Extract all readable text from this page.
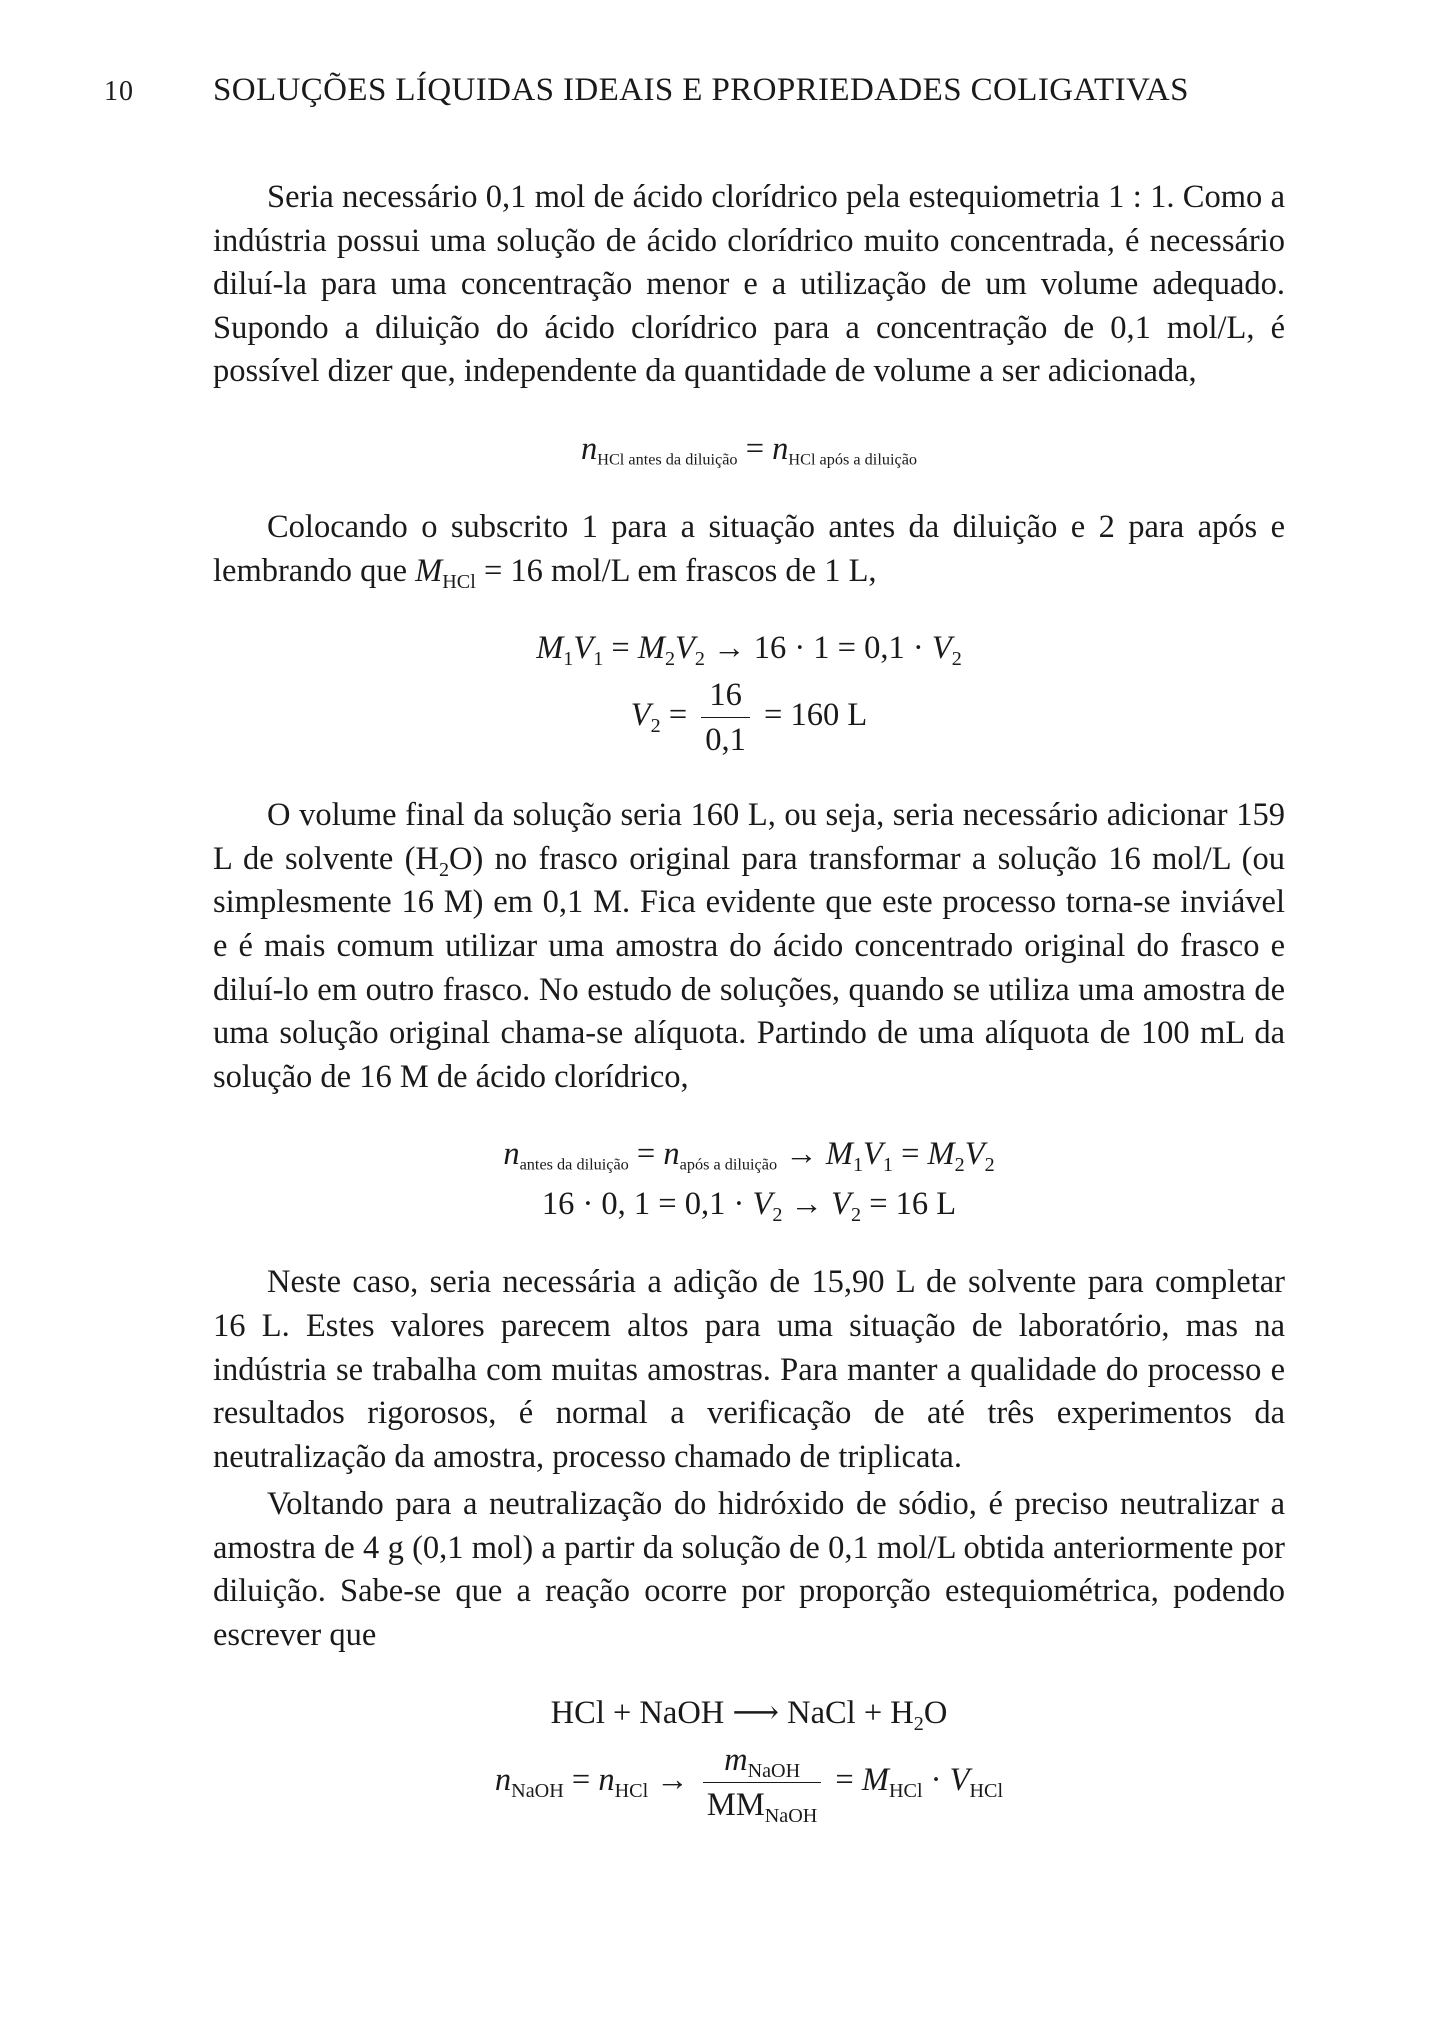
10 SOLUÇÕES LÍQUIDAS IDEAIS E PROPRIEDADES COLIGATIVAS

Seria necessário 0,1 mol de ácido clorídrico pela estequiometria 1 : 1. Como a indústria possui uma solução de ácido clorídrico muito concentrada, é necessário diluí-la para uma concentração menor e a utilização de um volume adequado. Supondo a diluição do ácido clorídrico para a concentração de 0,1 mol/L, é possível dizer que, independente da quantidade de volume a ser adicionada,

$n_{HCl antes da diluição} = n_{HCl após a diluição}$

Colocando o subscrito 1 para a situação antes da diluição e 2 para após e lembrando que $M_{HCl} = 16$ mol/L em frascos de 1 L,

$M_1V_1 = M_2V_2 \to 16 \cdot 1 = 0,1 \cdot V_2$
$V_2 = \frac{16}{0,1} = 160$ L

O volume final da solução seria 160 L, ou seja, seria necessário adicionar 159 L de solvente $(H_2O)$ no frasco original para transformar a solução 16 mol/L (ou simplesmente 16 M) em 0,1 M. Fica evidente que este processo torna-se inviável e é mais comum utilizar uma amostra do ácido concentrado original do frasco e diluí-lo em outro frasco. No estudo de soluções, quando se utiliza uma amostra de uma solução original chama-se alíquota. Partindo de uma alíquota de 100 mL da solução de 16 M de ácido clorídrico,

$n_{antes da diluição} = n_{após a diluição} \to M_1V_1 = M_2V_2$
16 · 0, $1 = 0,1 \cdot V_2 \to V_2 = 16$ L

Neste caso, seria necessária a adição de 15,90 L de solvente para completar 16 L. Estes valores parecem altos para uma situação de laboratório, mas na indústria se trabalha com muitas amostras. Para manter a qualidade do processo e resultados rigorosos, é normal a verificação de até três experimentos da neutralização da amostra, processo chamado de triplicata.

Voltando para a neutralização do hidróxido de sódio, é preciso neutralizar a amostra de 4 g (0,1 mol) a partir da solução de 0,1 mol/L obtida anteriormente por diluição. Sabe-se que a reação ocorre por proporção estequiométrica, podendo escrever que

HCl + NaOH ⟶ NaCl + $H_2O$
$n_{NaOH} = n_{HCl} \to \frac{m_{NaOH}}{MM_{NaOH}} = M_{HCl} \cdot V_{HCl}$
